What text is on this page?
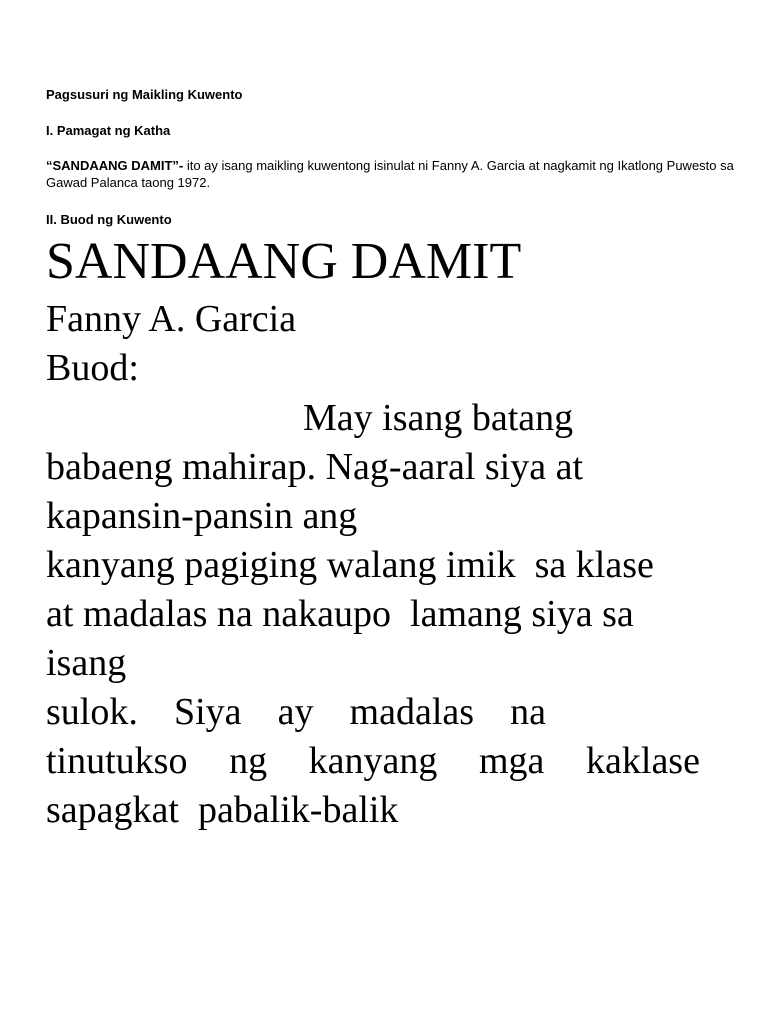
Pagsusuri ng Maikling Kuwento
I. Pamagat ng Katha
“SANDAANG DAMIT”- ito ay isang maikling kuwentong isinulat ni Fanny A. Garcia at nagkamit ng Ikatlong Puwesto sa Gawad Palanca taong 1972.
II. Buod ng Kuwento
SANDAANG DAMIT
Fanny A. Garcia
Buod:
May isang batang
babaeng mahirap. Nag-aaral siya at
kapansin-pansin ang
kanyang pagiging walang imik  sa klase
at madalas na nakaupo  lamang siya sa
isang
sulok. Siya ay madalas na
tinutukso ng kanyang mga kaklase
sapagkat  pabalik-balik
